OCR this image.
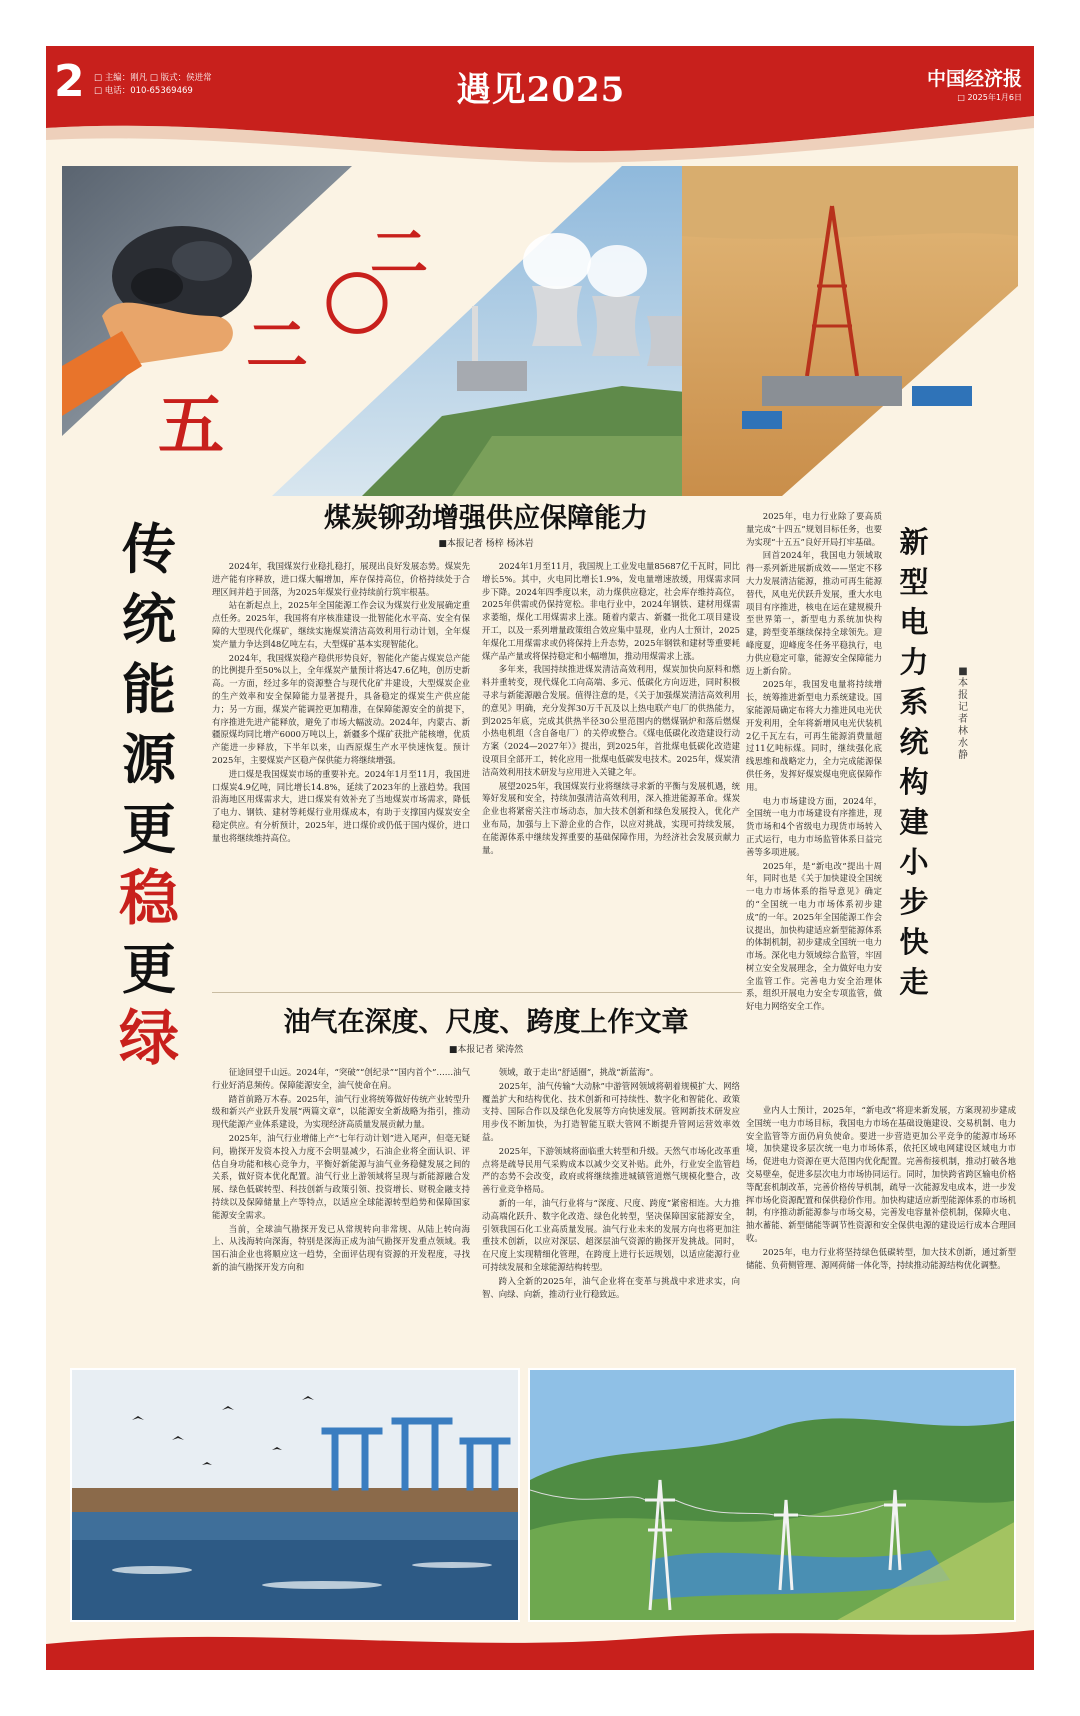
2 □ 主编：刚凡 □ 版式：侯进常
□ 电话：010-65369469	遇见2025	中国经济报
□ 2025年1月6日
二
〇
二
五
传
统
能
源
更
稳
更
绿
煤炭铆劲增强供应保障能力
■本报记者 杨梓 杨沐岩

2024年，我国煤炭行业稳扎稳打，展现出良好发展态势。煤炭先进产能有序释放，进口煤大幅增加，库存保持高位，价格持续处于合理区间并趋于回落，为2025年煤炭行业持续前行筑牢根基。

站在新起点上，2025年全国能源工作会议为煤炭行业发展确定重点任务。2025年，我国将有序核准建设一批智能化水平高、安全有保障的大型现代化煤矿，继续实施煤炭清洁高效利用行动计划，全年煤炭产量力争达到48亿吨左右，大型煤矿基本实现智能化。

2024年，我国煤炭稳产稳供形势良好，智能化产能占煤炭总产能的比例提升至50%以上，全年煤炭产量预计将达47.6亿吨，创历史新高。一方面，经过多年的资源整合与现代化矿井建设，大型煤炭企业的生产效率和安全保障能力显著提升，具备稳定的煤炭生产供应能力；另一方面，煤炭产能调控更加精准，在保障能源安全的前提下，有序推进先进产能释放，避免了市场大幅波动。2024年，内蒙古、新疆原煤均同比增产6000万吨以上，新疆多个煤矿获批产能核增，优质产能进一步释放，下半年以来，山西原煤生产水平快速恢复。预计2025年，主要煤炭产区稳产保供能力将继续增强。

进口煤是我国煤炭市场的重要补充。2024年1月至11月，我国进口煤炭4.9亿吨，同比增长14.8%，延续了2023年的上涨趋势。我国沿海地区用煤需求大，进口煤炭有效补充了当地煤炭市场需求，降低了电力、钢铁、建材等耗煤行业用煤成本，有助于支撑国内煤炭安全稳定供应。有分析预计，2025年，进口煤价或仍低于国内煤价，进口量也将继续维持高位。

2024年1月至11月，我国规上工业发电量85687亿千瓦时，同比增长5%。其中，火电同比增长1.9%，发电量增速放缓，用煤需求同步下降。2024年四季度以来，动力煤供应稳定，社会库存维持高位，2025年供需或仍保持宽松。非电行业中，2024年钢铁、建材用煤需求萎缩，煤化工用煤需求上涨。随着内蒙古、新疆一批化工项目建设开工，以及一系列增量政策组合效应集中显现，业内人士预计，2025年煤化工用煤需求或仍将保持上升态势，2025年钢铁和建材等重要耗煤产品产量或将保持稳定和小幅增加，推动用煤需求上涨。

多年来，我国持续推进煤炭清洁高效利用，煤炭加快向原料和燃料并重转变，现代煤化工向高端、多元、低碳化方向迈进，同时积极寻求与新能源融合发展。值得注意的是，《关于加强煤炭清洁高效利用的意见》明确，充分发挥30万千瓦及以上热电联产电厂的供热能力，到2025年底，完成其供热半径30公里范围内的燃煤锅炉和落后燃煤小热电机组（含自备电厂）的关停或整合。《煤电低碳化改造建设行动方案（2024—2027年）》提出，到2025年，首批煤电低碳化改造建设项目全部开工，转化应用一批煤电低碳发电技术。2025年，煤炭清洁高效利用技术研发与应用进入关键之年。

展望2025年，我国煤炭行业将继续寻求新的平衡与发展机遇，统筹好发展和安全，持续加强清洁高效利用，深入推进能源革命。煤炭企业也将紧密关注市场动态，加大技术创新和绿色发展投入，优化产业布局，加强与上下游企业的合作，以应对挑战，实现可持续发展，在能源体系中继续发挥重要的基础保障作用，为经济社会发展贡献力量。

油气在深度、尺度、跨度上作文章
■本报记者 梁涛然

征途回望千山远。2024年，“突破”“创纪录”“国内首个”……油气行业好消息频传。保障能源安全，油气使命在肩。

踏首前路万木春。2025年，油气行业将统筹做好传统产业转型升级和新兴产业跃升发展“两篇文章”，以能源安全新战略为指引，推动现代能源产业体系建设，为实现经济高质量发展贡献力量。

2025年，油气行业增储上产“七年行动计划”进入尾声，但毫无疑问，勘探开发资本投入力度不会明显减少，石油企业将全面认识、评估自身功能和核心竞争力，平衡好新能源与油气业务稳健发展之间的关系，做好资本优化配置。油气行业上游领域将呈现与新能源融合发展、绿色低碳转型、科技创新与政策引领、投资增长、财税金融支持持续以及保障储量上产等特点，以适应全球能源转型趋势和保障国家能源安全需求。

当前，全球油气勘探开发已从常规转向非常规、从陆上转向海上、从浅海转向深海，特别是深海正成为油气勘探开发重点领域。我国石油企业也将顺应这一趋势，全面评估现有资源的开发程度，寻找新的油气勘探开发方向和

领域，敢于走出“舒适圈”，挑战“新蓝海”。

2025年，油气传输“大动脉”中游管网领域将朝着规模扩大、网络覆盖扩大和结构优化、技术创新和可持续性、数字化和智能化、政策支持、国际合作以及绿色化发展等方向快速发展。管网新技术研发应用步伐不断加快，为打造智能互联大管网不断提升管网运营效率效益。

2025年，下游领域将面临重大转型和升级。天然气市场化改革重点将是疏导民用气采购成本以减少交叉补贴。此外，行业安全监管趋严的态势不会改变，政府或将继续推进城镇管道燃气规模化整合，改善行业竞争格局。

新的一年，油气行业将与“深度、尺度、跨度”紧密相连。大力推动高端化跃升、数字化改造、绿色化转型，坚决保障国家能源安全，引领我国石化工业高质量发展。油气行业未来的发展方向也将更加注重技术创新，以应对深层、超深层油气资源的勘探开发挑战。同时，在尺度上实现精细化管理，在跨度上进行长远规划，以适应能源行业可持续发展和全球能源结构转型。

跨入全新的2025年，油气企业将在变革与挑战中求进求实，向智、向绿、向新，推动行业行稳致远。

2025年，电力行业除了要高质量完成“十四五”规划目标任务，也要为实现“十五五”良好开局打牢基础。

回首2024年，我国电力领域取得一系列新进展新成效——坚定不移大力发展清洁能源，推动可再生能源替代，风电光伏跃升发展，重大水电项目有序推进，核电在运在建规模升至世界第一，新型电力系统加快构建，跨型变革继续保持全球领先。迎峰度夏，迎峰度冬任务平稳执行，电力供应稳定可靠，能源安全保障能力迈上新台阶。

2025年，我国发电量将持续增长，统筹推进新型电力系统建设。国家能源局确定布将大力推进风电光伏开发利用，全年将新增风电光伏装机2亿千瓦左右，可再生能源消费量超过11亿吨标煤。同时，继续强化底线思维和战略定力，全力完成能源保供任务，发挥好煤炭煤电兜底保障作用。

电力市场建设方面，2024年，全国统一电力市场建设有序推进，现货市场和4个省级电力现货市场转入正式运行，电力市场监管体系日益完善等多项进展。

2025年，是“新电改”提出十周年，同时也是《关于加快建设全国统一电力市场体系的指导意见》确定的“全国统一电力市场体系初步建成”的一年。2025年全国能源工作会议提出，加快构建适应新型能源体系的体制机制，初步建成全国统一电力市场。深化电力领域综合监管，牢固树立安全发展理念，全力做好电力安全监管工作。完善电力安全治理体系，组织开展电力安全专项监管，做好电力网络安全工作。

新
型
电
力
系
统
构
建
小
步
快
走
■
本
报
记
者
林
水
静

业内人士预计，2025年，“新电改”将迎来新发展，方案现初步建成全国统一电力市场目标，我国电力市场在基础设施建设、交易机制、电力安全监管等方面仍肩负使命。要进一步营造更加公平竞争的能源市场环境，加快建设多层次统一电力市场体系，依托区域电网建设区域电力市场，促进电力资源在更大范围内优化配置。完善衔接机制，推动打破各地交易壁垒，促进多层次电力市场协同运行。同时，加快跨省跨区输电价格等配套机制改革，完善价格传导机制，疏导一次能源发电成本，进一步发挥市场化资源配置和保供稳价作用。加快构建适应新型能源体系的市场机制，有序推动新能源参与市场交易，完善发电容量补偿机制，保障火电、抽水蓄能、新型储能等调节性资源和安全保供电源的建设运行成本合理回收。

2025年，电力行业将坚持绿色低碳转型，加大技术创新，通过新型储能、负荷侧管理、源网荷储一体化等，持续推动能源结构优化调整。
